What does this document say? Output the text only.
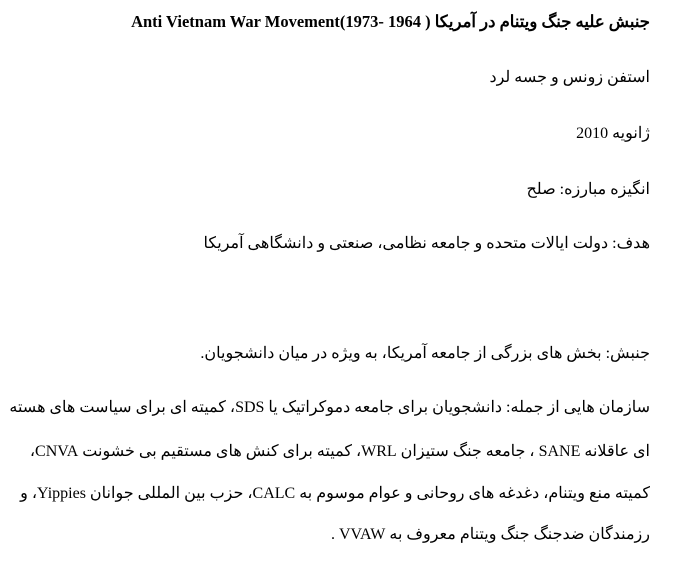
جنبش علیه جنگ ویتنام در آمریکا ( 1964 -1973)Anti Vietnam War Movement
استفن زونس و جسه لرد
ژانویه 2010
انگیزه مبارزه: صلح
هدف: دولت ایالات متحده و جامعه نظامی، صنعتی و دانشگاهی آمریکا
جنبش: بخش های بزرگی از جامعه آمریکا، به ویژه در میان دانشجویان.
سازمان هایی از جمله: دانشجویان برای جامعه دموکراتیک یا SDS، کمیته ای برای سیاست های هسته
ای عاقلانه SANE ، جامعه جنگ ستیزان WRL، کمیته برای کنش های مستقیم بی خشونت CNVA،
کمیته منع ویتنام، دغدغه های روحانی و عوام موسوم به CALC، حزب بین المللی جوانان Yippies، و
رزمندگان ضدجنگ جنگ ویتنام معروف به VVAW .
